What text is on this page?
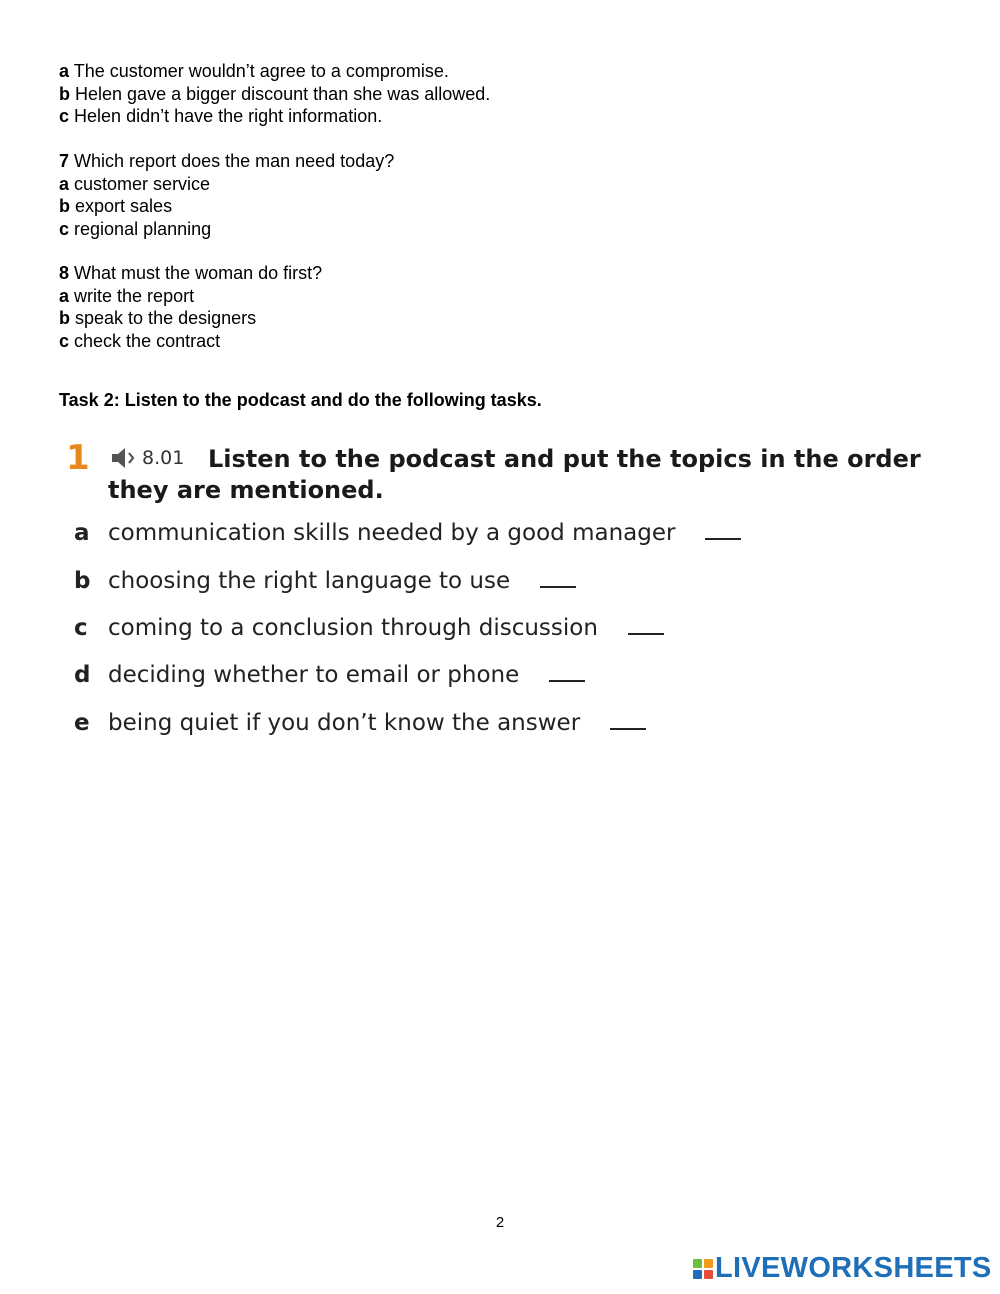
a The customer wouldn’t agree to a compromise.
b Helen gave a bigger discount than she was allowed.
c Helen didn’t have the right information.
7 Which report does the man need today?
a customer service
b export sales
c regional planning
8 What must the woman do first?
a write the report
b speak to the designers
c check the contract
Task 2: Listen to the podcast and do the following tasks.
1	Listen to the podcast and put the topics in the order they are mentioned.
8.01
a communication skills needed by a good manager
b choosing the right language to use
c coming to a conclusion through discussion
d deciding whether to email or phone
e being quiet if you don’t know the answer
2
LIVEWORKSHEETS
